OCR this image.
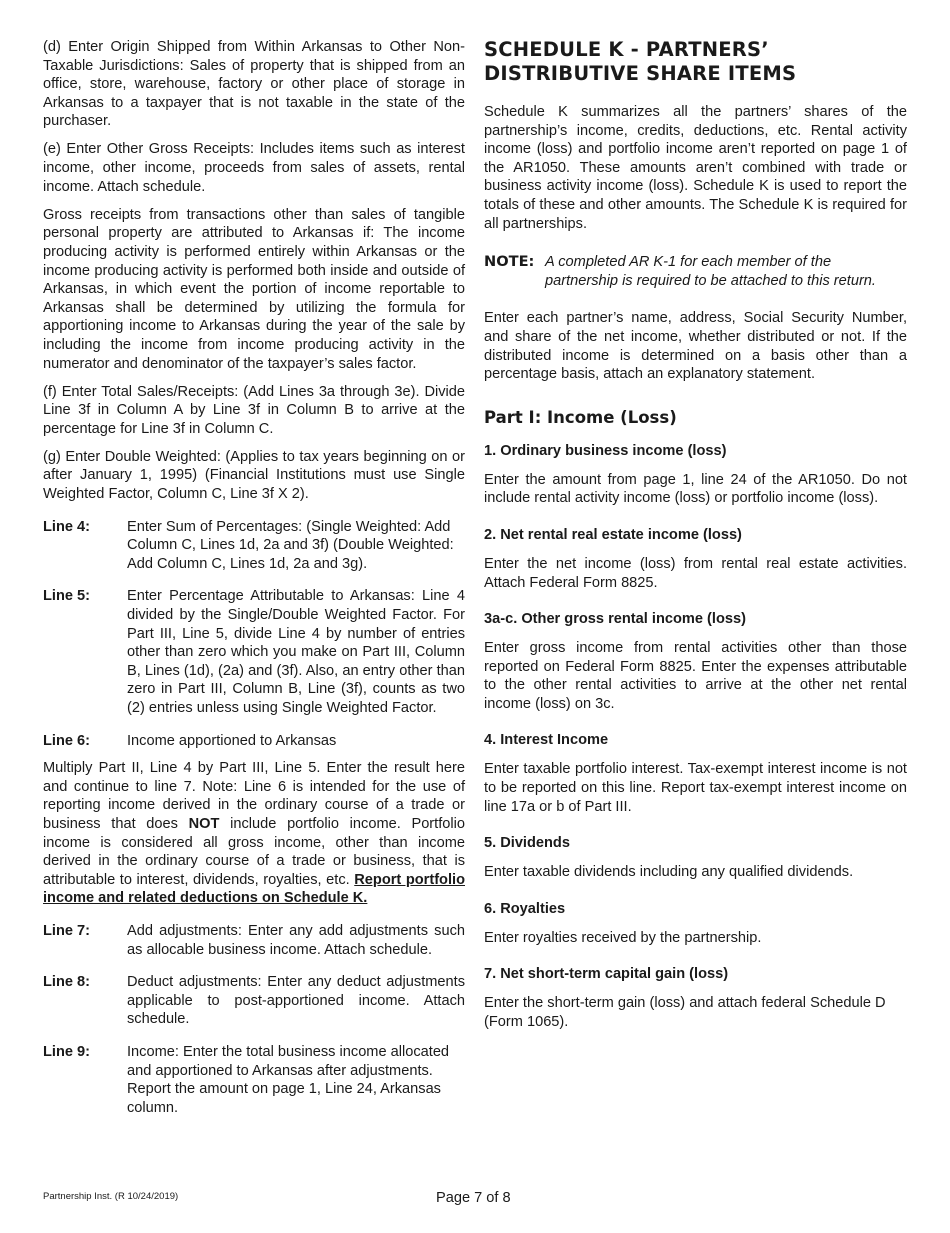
(d) Enter Origin Shipped from Within Arkansas to Other Non-Taxable Jurisdictions: Sales of property that is shipped from an office, store, warehouse, factory or other place of storage in Arkansas to a taxpayer that is not taxable in the state of the purchaser.

(e) Enter Other Gross Receipts: Includes items such as interest income, other income, proceeds from sales of assets, rental income. Attach schedule.

Gross receipts from transactions other than sales of tangible personal property are attributed to Arkansas if: The income producing activity is performed entirely within Arkansas or the income producing activity is performed both inside and outside of Arkansas, in which event the portion of income reportable to Arkansas shall be determined by utilizing the formula for apportioning income to Arkansas during the year of the sale by including the income from income producing activity in the numerator and denominator of the taxpayer’s sales factor.

(f) Enter Total Sales/Receipts: (Add Lines 3a through 3e). Divide Line 3f in Column A by Line 3f in Column B to arrive at the percentage for Line 3f in Column C.

(g) Enter Double Weighted: (Applies to tax years beginning on or after January 1, 1995) (Financial Institutions must use Single Weighted Factor, Column C, Line 3f X 2).

Line 4:	Enter Sum of Percentages: (Single Weighted: Add Column C, Lines 1d, 2a and 3f) (Double Weighted: Add Column C, Lines 1d, 2a and 3g).
Line 5:	Enter Percentage Attributable to Arkansas: Line 4 divided by the Single/Double Weighted Factor. For Part III, Line 5, divide Line 4 by number of entries other than zero which you make on Part III, Column B, Lines (1d), (2a) and (3f). Also, an entry other than zero in Part III, Column B, Line (3f), counts as two (2) entries unless using Single Weighted Factor.
Line 6:	Income apportioned to Arkansas

Multiply Part II, Line 4 by Part III, Line 5. Enter the result here and continue to line 7. Note: Line 6 is intended for the use of reporting income derived in the ordinary course of a trade or business that does NOT include portfolio income. Portfolio income is considered all gross income, other than income derived in the ordinary course of a trade or business, that is attributable to interest, dividends, royalties, etc. Report portfolio income and related deductions on Schedule K.

Line 7:	Add adjustments: Enter any add adjustments such as allocable business income. Attach schedule.
Line 8:	Deduct adjustments: Enter any deduct adjustments applicable to post-apportioned income. Attach schedule.
Line 9:	Income: Enter the total business income allocated and apportioned to Arkansas after adjustments. Report the amount on page 1, Line 24, Arkansas column.
SCHEDULE K - PARTNERS’ DISTRIBUTIVE SHARE ITEMS

Schedule K summarizes all the partners’ shares of the partnership’s income, credits, deductions, etc. Rental activity income (loss) and portfolio income aren’t reported on page 1 of the AR1050. These amounts aren’t combined with trade or business activity income (loss). Schedule K is used to report the totals of these and other amounts. The Schedule K is required for all partnerships.

NOTE: A completed AR K-1 for each member of the partnership is required to be attached to this return.

Enter each partner’s name, address, Social Security Number, and share of the net income, whether distributed or not. If the distributed income is determined on a basis other than a percentage basis, attach an explanatory statement.

Part I: Income (Loss)
1. Ordinary business income (loss)

Enter the amount from page 1, line 24 of the AR1050. Do not include rental activity income (loss) or portfolio income (loss).

2. Net rental real estate income (loss)

Enter the net income (loss) from rental real estate activities. Attach Federal Form 8825.

3a-c. Other gross rental income (loss)

Enter gross income from rental activities other than those reported on Federal Form 8825. Enter the expenses attributable to the other rental activities to arrive at the other net rental income (loss) on 3c.

4. Interest Income

Enter taxable portfolio interest. Tax-exempt interest income is not to be reported on this line. Report tax-exempt interest income on line 17a or b of Part III.

5. Dividends

Enter taxable dividends including any qualified dividends.

6. Royalties

Enter royalties received by the partnership.

7. Net short-term capital gain (loss)

Enter the short-term gain (loss) and attach federal Schedule D (Form 1065).

Partnership Inst. (R 10/24/2019)	Page 7 of 8
